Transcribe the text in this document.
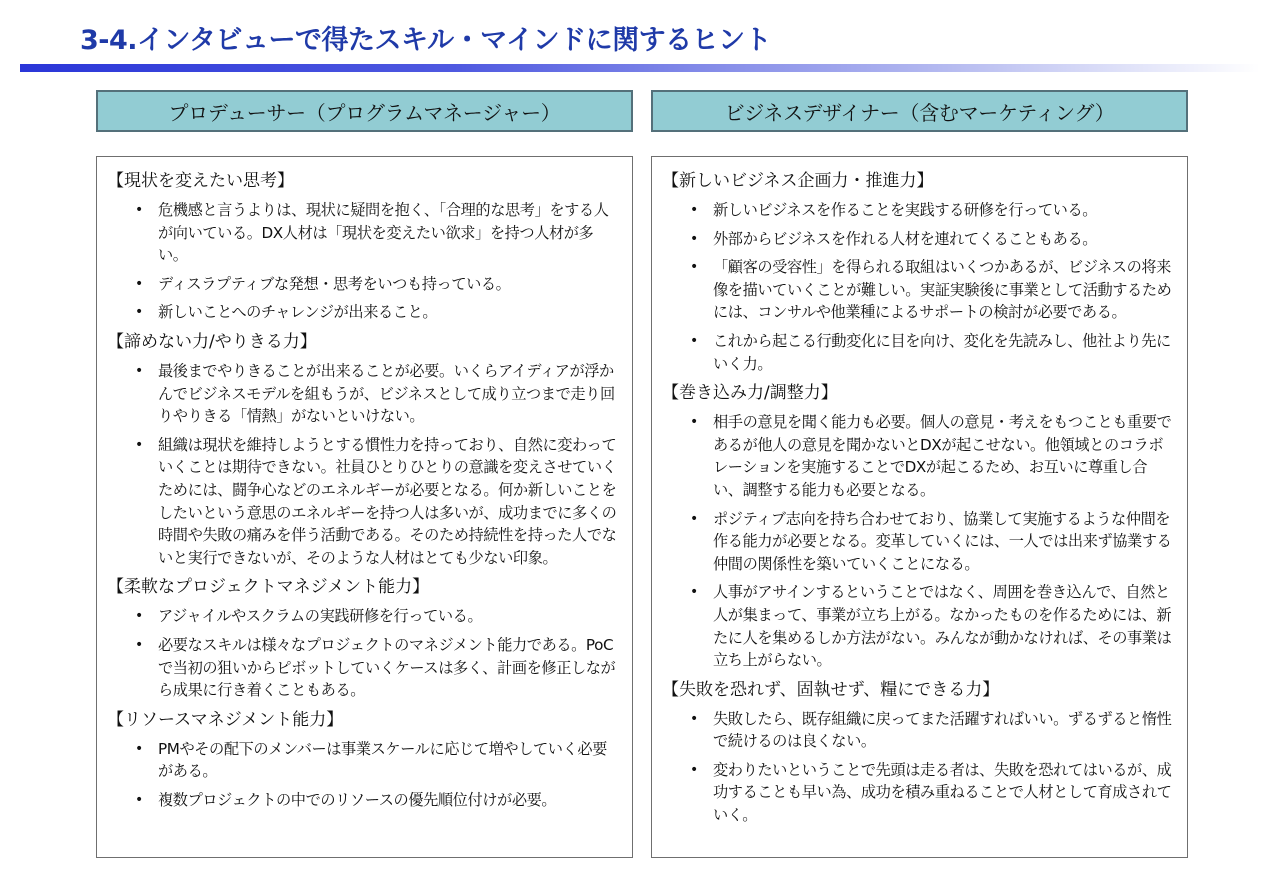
3-4.インタビューで得たスキル・マインドに関するヒント
プロデューサー（プログラムマネージャー）	ビジネスデザイナー（含むマーケティング）
【現状を変えたい思考】
• 危機感と言うよりは、現状に疑問を抱く、「合理的な思考」をする人が向いている。DX人材は「現状を変えたい欲求」を持つ人材が多い。
• ディスラプティブな発想・思考をいつも持っている。
• 新しいことへのチャレンジが出来ること。
【諦めない力/やりきる力】
• 最後までやりきることが出来ることが必要。いくらアイディアが浮かんでビジネスモデルを組もうが、ビジネスとして成り立つまで走り回りやりきる「情熱」がないといけない。
• 組織は現状を維持しようとする慣性力を持っており、自然に変わっていくことは期待できない。社員ひとりひとりの意識を変えさせていくためには、闘争心などのエネルギーが必要となる。何か新しいことをしたいという意思のエネルギーを持つ人は多いが、成功までに多くの時間や失敗の痛みを伴う活動である。そのため持続性を持った人でないと実行できないが、そのような人材はとても少ない印象。
【柔軟なプロジェクトマネジメント能力】
• アジャイルやスクラムの実践研修を行っている。
• 必要なスキルは様々なプロジェクトのマネジメント能力である。PoCで当初の狙いからピボットしていくケースは多く、計画を修正しながら成果に行き着くこともある。
【リソースマネジメント能力】
• PMやその配下のメンバーは事業スケールに応じて増やしていく必要がある。
• 複数プロジェクトの中でのリソースの優先順位付けが必要。
【新しいビジネス企画力・推進力】
• 新しいビジネスを作ることを実践する研修を行っている。
• 外部からビジネスを作れる人材を連れてくることもある。
• 「顧客の受容性」を得られる取組はいくつかあるが、ビジネスの将来像を描いていくことが難しい。実証実験後に事業として活動するためには、コンサルや他業種によるサポートの検討が必要である。
• これから起こる行動変化に目を向け、変化を先読みし、他社より先にいく力。
【巻き込み力/調整力】
• 相手の意見を聞く能力も必要。個人の意見・考えをもつことも重要であるが他人の意見を聞かないとDXが起こせない。他領域とのコラボレーションを実施することでDXが起こるため、お互いに尊重し合い、調整する能力も必要となる。
• ポジティブ志向を持ち合わせており、協業して実施するような仲間を作る能力が必要となる。変革していくには、一人では出来ず協業する仲間の関係性を築いていくことになる。
• 人事がアサインするということではなく、周囲を巻き込んで、自然と人が集まって、事業が立ち上がる。なかったものを作るためには、新たに人を集めるしか方法がない。みんなが動かなければ、その事業は立ち上がらない。
【失敗を恐れず、固執せず、糧にできる力】
• 失敗したら、既存組織に戻ってまた活躍すればいい。ずるずると惰性で続けるのは良くない。
• 変わりたいということで先頭は走る者は、失敗を恐れてはいるが、成功することも早い為、成功を積み重ねることで人材として育成されていく。
